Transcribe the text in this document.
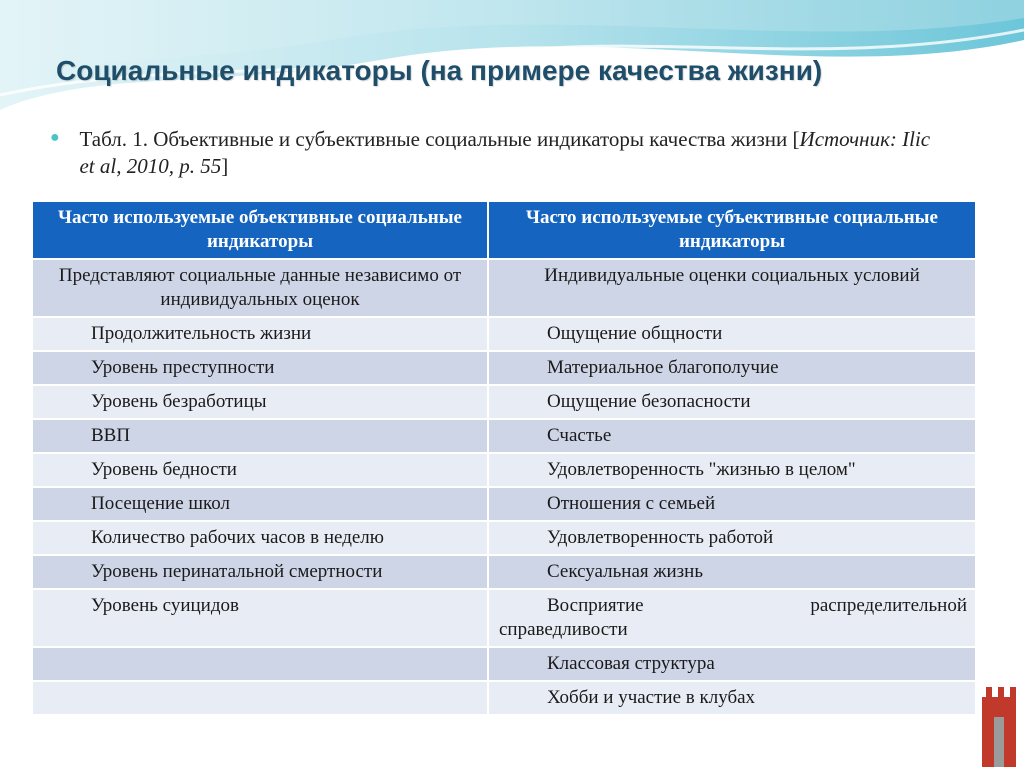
Социальные индикаторы (на примере качества жизни)
● Табл. 1. Объективные и субъективные социальные индикаторы качества жизни [Источник: Ilic et al, 2010, p. 55]
Часто используемые объективные социальные индикаторы	Часто используемые субъективные социальные индикаторы
Представляют социальные данные независимо от индивидуальных оценок	Индивидуальные оценки социальных условий
Продолжительность жизни	Ощущение общности
Уровень преступности	Материальное благополучие
Уровень безработицы	Ощущение безопасности
ВВП	Счастье
Уровень бедности	Удовлетворенность "жизнью в целом"
Посещение школ	Отношения с семьей
Количество рабочих часов в неделю	Удовлетворенность работой
Уровень перинатальной смертности	Сексуальная жизнь
Уровень суицидов	Восприятие распределительной
справедливости

	Классовая структура
	Хобби и участие в клубах
